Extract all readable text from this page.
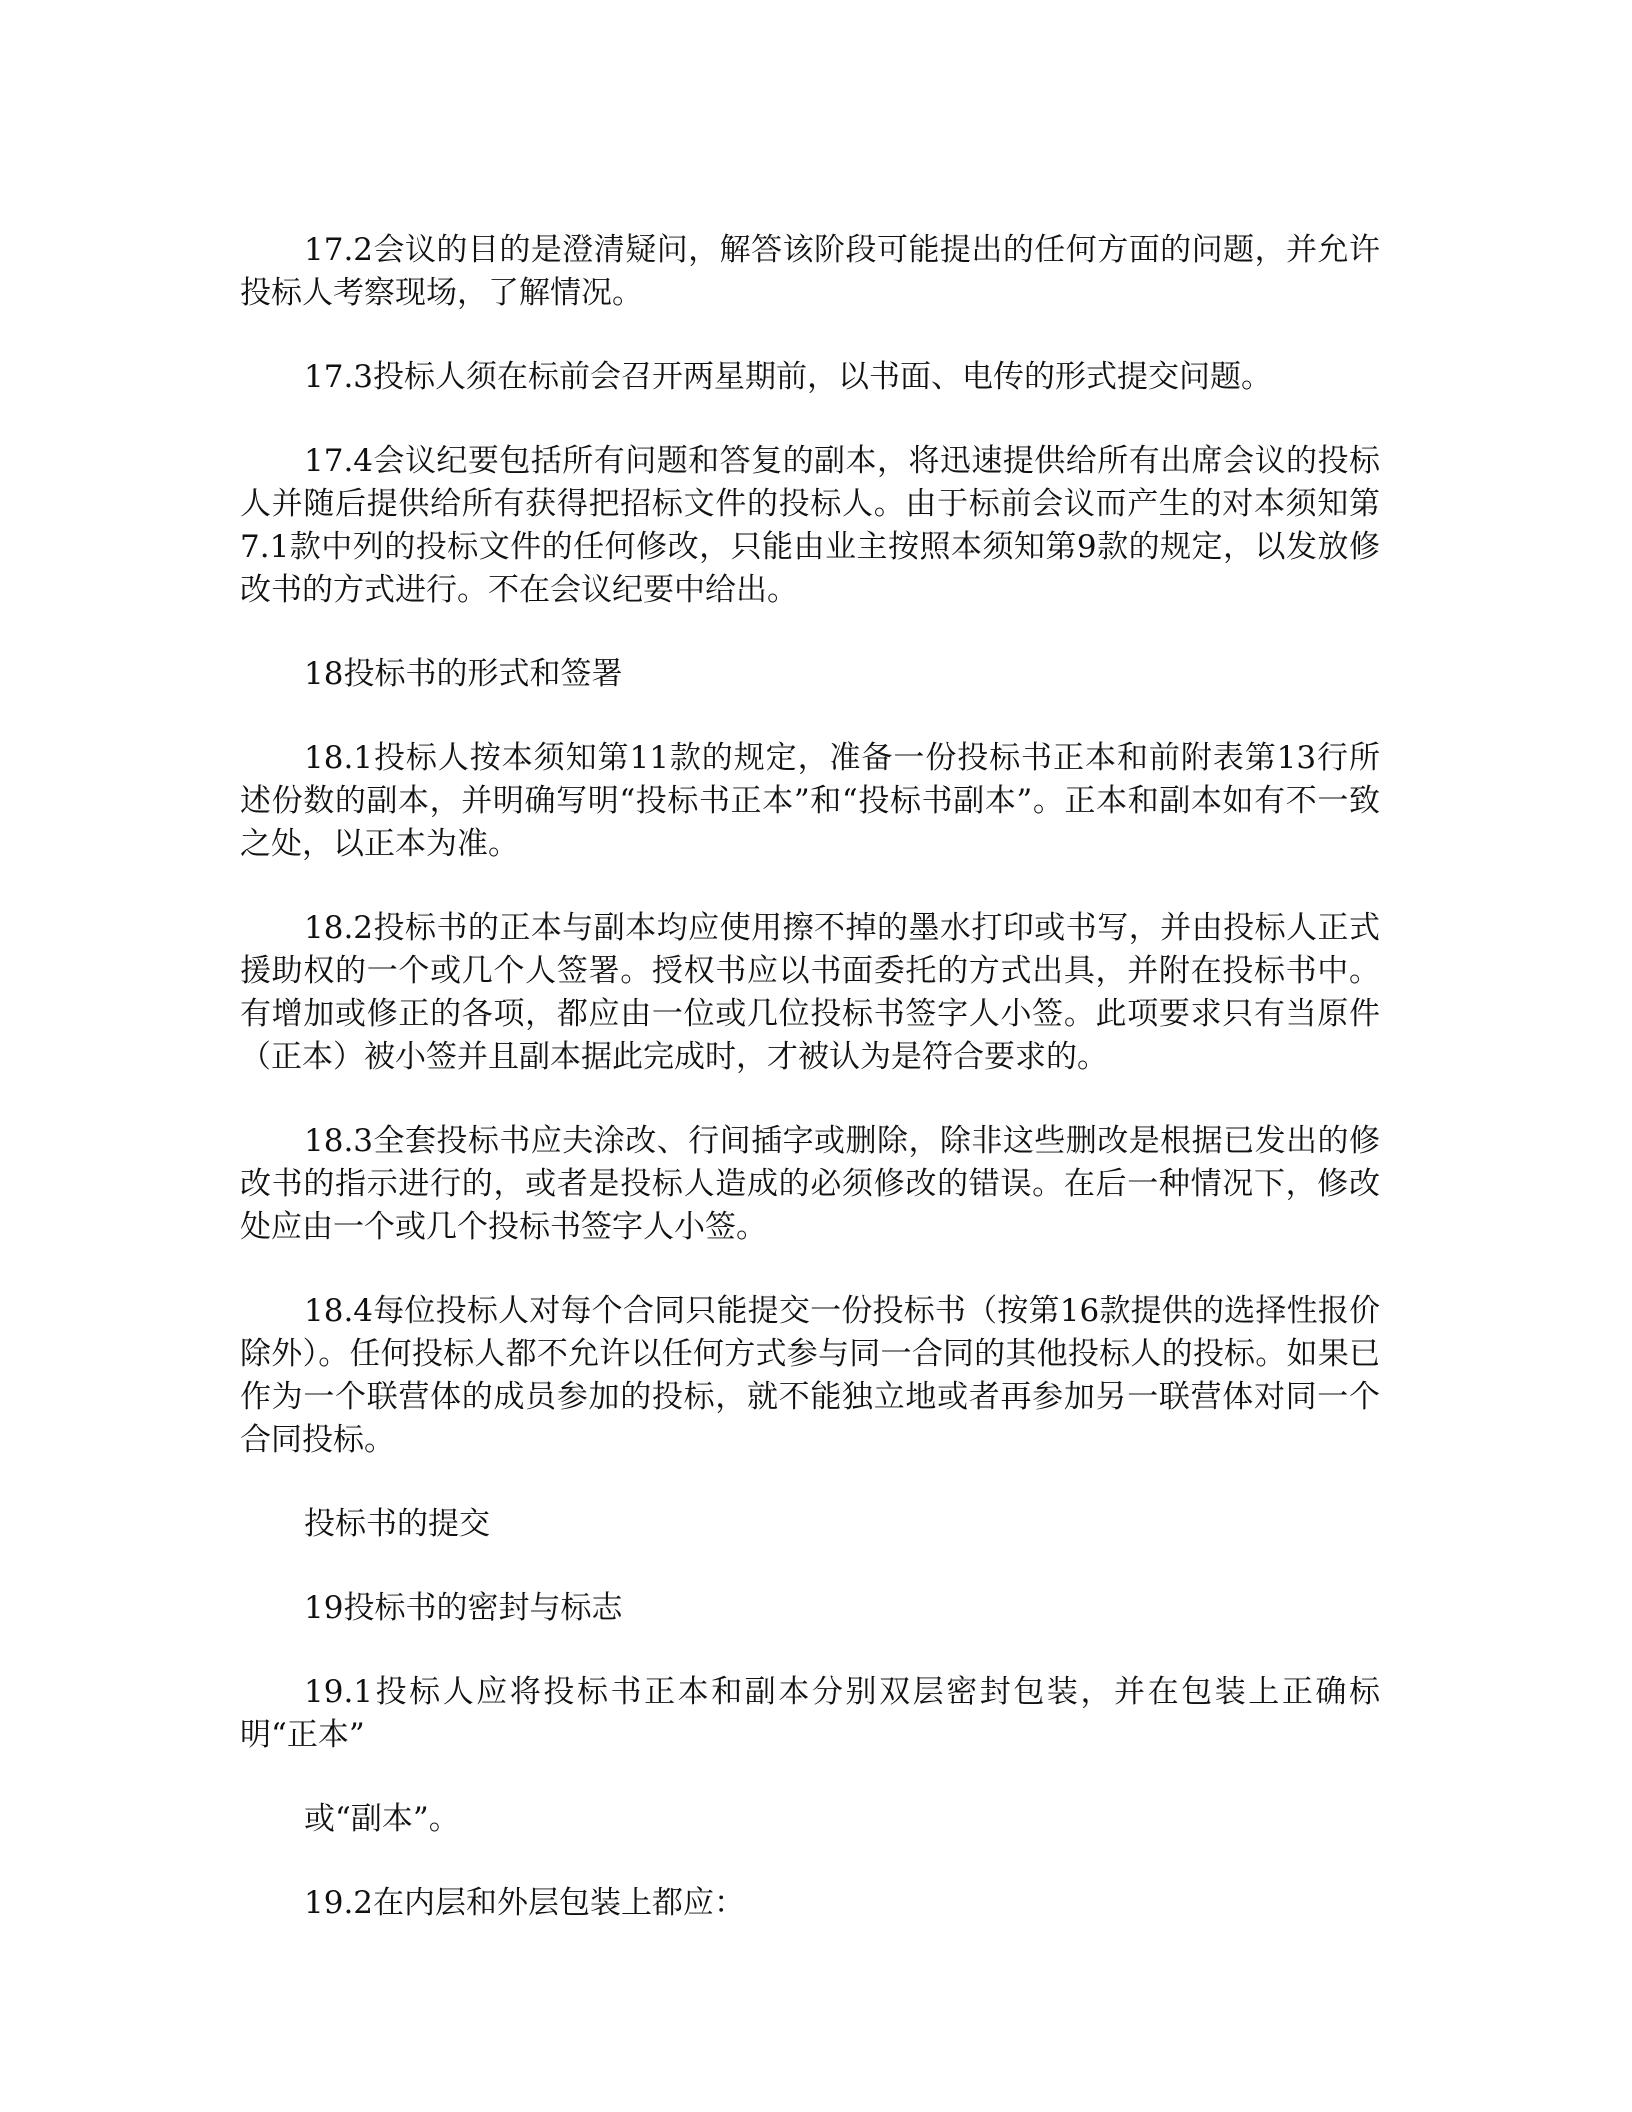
17.2会议的目的是澄清疑问，解答该阶段可能提出的任何方面的问题，并允许投标人考察现场，了解情况。

17.3投标人须在标前会召开两星期前，以书面、电传的形式提交问题。

17.4会议纪要包括所有问题和答复的副本，将迅速提供给所有出席会议的投标人并随后提供给所有获得把招标文件的投标人。由于标前会议而产生的对本须知第7.1款中列的投标文件的任何修改，只能由业主按照本须知第9款的规定，以发放修改书的方式进行。不在会议纪要中给出。

18投标书的形式和签署

18.1投标人按本须知第11款的规定，准备一份投标书正本和前附表第13行所述份数的副本，并明确写明“投标书正本”和“投标书副本”。正本和副本如有不一致之处，以正本为准。

18.2投标书的正本与副本均应使用擦不掉的墨水打印或书写，并由投标人正式援助权的一个或几个人签署。授权书应以书面委托的方式出具，并附在投标书中。有增加或修正的各项，都应由一位或几位投标书签字人小签。此项要求只有当原件（正本）被小签并且副本据此完成时，才被认为是符合要求的。

18.3全套投标书应夫涂改、行间插字或删除，除非这些删改是根据已发出的修改书的指示进行的，或者是投标人造成的必须修改的错误。在后一种情况下，修改处应由一个或几个投标书签字人小签。

18.4每位投标人对每个合同只能提交一份投标书（按第16款提供的选择性报价除外）。任何投标人都不允许以任何方式参与同一合同的其他投标人的投标。如果已作为一个联营体的成员参加的投标，就不能独立地或者再参加另一联营体对同一个合同投标。

投标书的提交

19投标书的密封与标志

19.1投标人应将投标书正本和副本分别双层密封包装，并在包装上正确标明“正本”

或“副本”。

19.2在内层和外层包装上都应：
